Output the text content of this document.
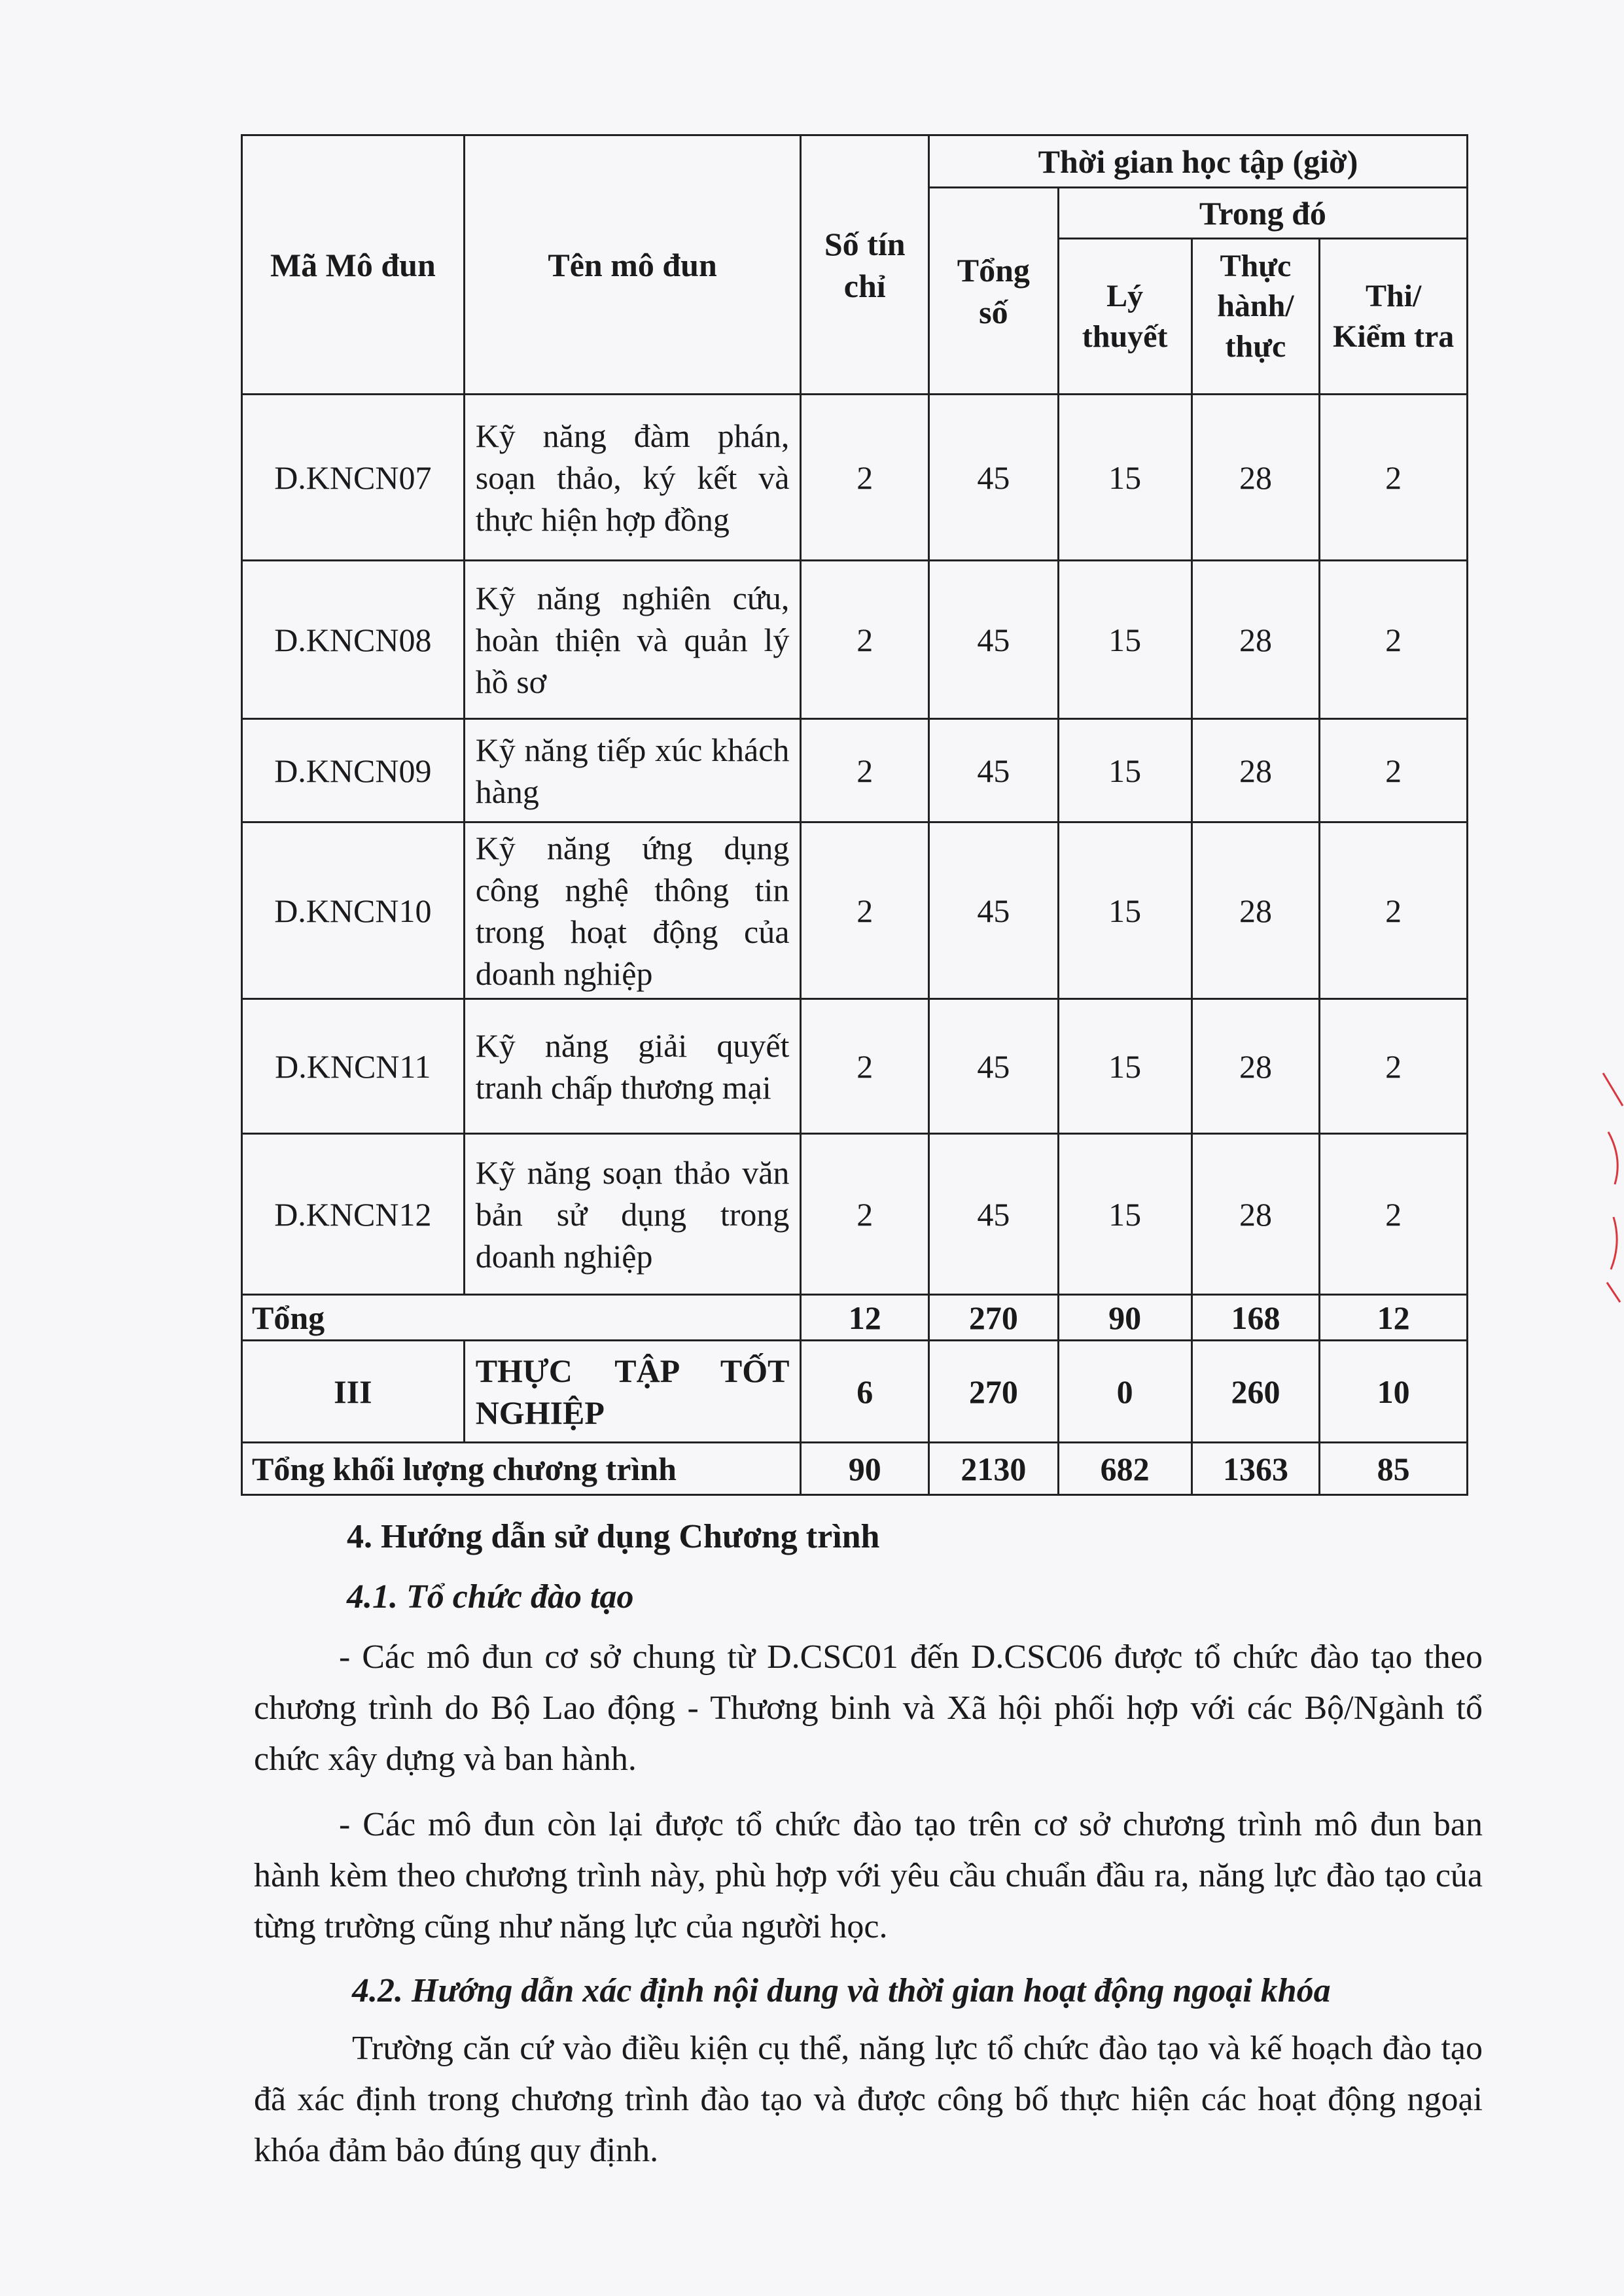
Mã Mô đun	Tên mô đun	Số tín chỉ	Thời gian học tập (giờ)			
			Tổng số	Trong đó		
				Lý thuyết	Thực hành/ thực	Thi/ Kiểm tra
D.KNCN07	Kỹ năng đàm phán, soạn thảo, ký kết và thực hiện hợp đồng	2	45	15	28	2
D.KNCN08	Kỹ năng nghiên cứu, hoàn thiện và quản lý hồ sơ	2	45	15	28	2
D.KNCN09	Kỹ năng tiếp xúc khách hàng	2	45	15	28	2
D.KNCN10	Kỹ năng ứng dụng công nghệ thông tin trong hoạt động của doanh nghiệp	2	45	15	28	2
D.KNCN11	Kỹ năng giải quyết tranh chấp thương mại	2	45	15	28	2
D.KNCN12	Kỹ năng soạn thảo văn bản sử dụng trong doanh nghiệp	2	45	15	28	2
Tổng		12	270	90	168	12
III	THỰC TẬP TỐT NGHIỆP	6	270	0	260	10
Tổng khối lượng chương trình		90	2130	682	1363	85
4. Hướng dẫn sử dụng Chương trình
4.1. Tổ chức đào tạo

- Các mô đun cơ sở chung từ D.CSC01 đến D.CSC06 được tổ chức đào tạo theo chương trình do Bộ Lao động - Thương binh và Xã hội phối hợp với các Bộ/Ngành tổ chức xây dựng và ban hành.

- Các mô đun còn lại được tổ chức đào tạo trên cơ sở chương trình mô đun ban hành kèm theo chương trình này, phù hợp với yêu cầu chuẩn đầu ra, năng lực đào tạo của từng trường cũng như năng lực của người học.

4.2. Hướng dẫn xác định nội dung và thời gian hoạt động ngoại khóa

Trường căn cứ vào điều kiện cụ thể, năng lực tổ chức đào tạo và kế hoạch đào tạo đã xác định trong chương trình đào tạo và được công bố thực hiện các hoạt động ngoại khóa đảm bảo đúng quy định.
